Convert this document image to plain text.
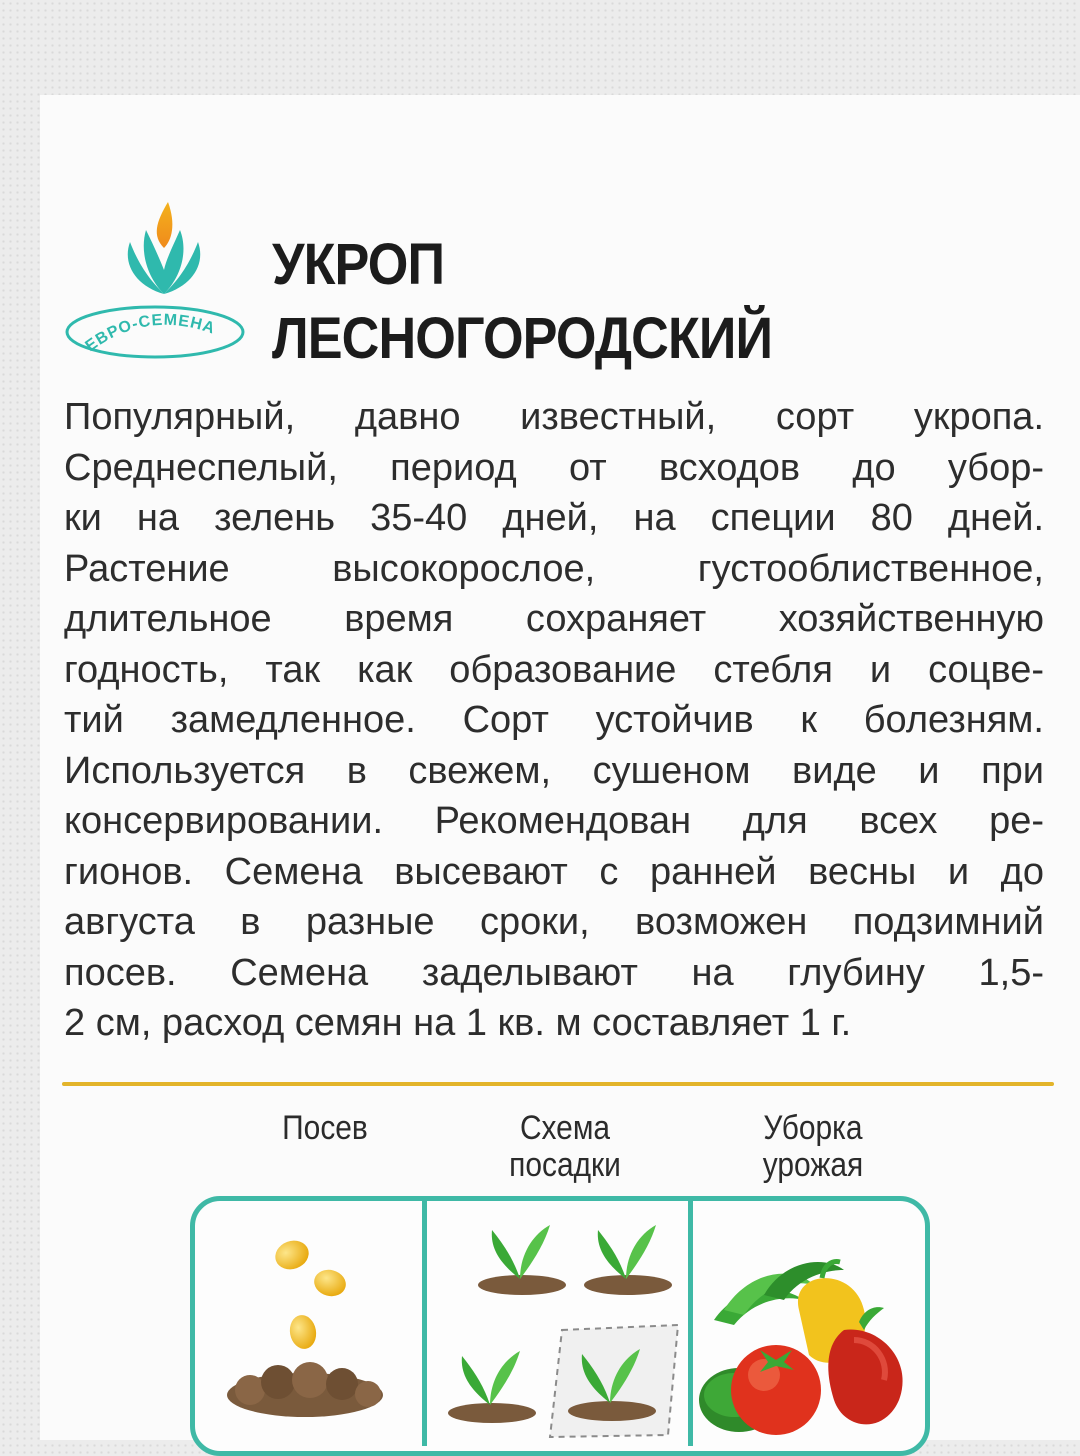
ЕВРО-СЕМЕНА
УКРОП
ЛЕСНОГОРОДСКИЙ
Популярный, давно известный, сорт укропа.
Среднеспелый, период от всходов до убор-
ки на зелень 35-40 дней, на специи 80 дней.
Растение высокорослое, густооблиственное,
длительное время сохраняет хозяйственную
годность, так как образование стебля и соцве-
тий замедленное. Сорт устойчив к болезням.
Используется в свежем, сушеном виде и при
консервировании. Рекомендован для всех ре-
гионов. Семена высевают с ранней весны и до
августа в разные сроки, возможен подзимний
посев. Семена заделывают на глубину 1,5-
2 см, расход семян на 1 кв. м составляет 1 г.
Посев	Схема
посадки
Уборка
урожая
